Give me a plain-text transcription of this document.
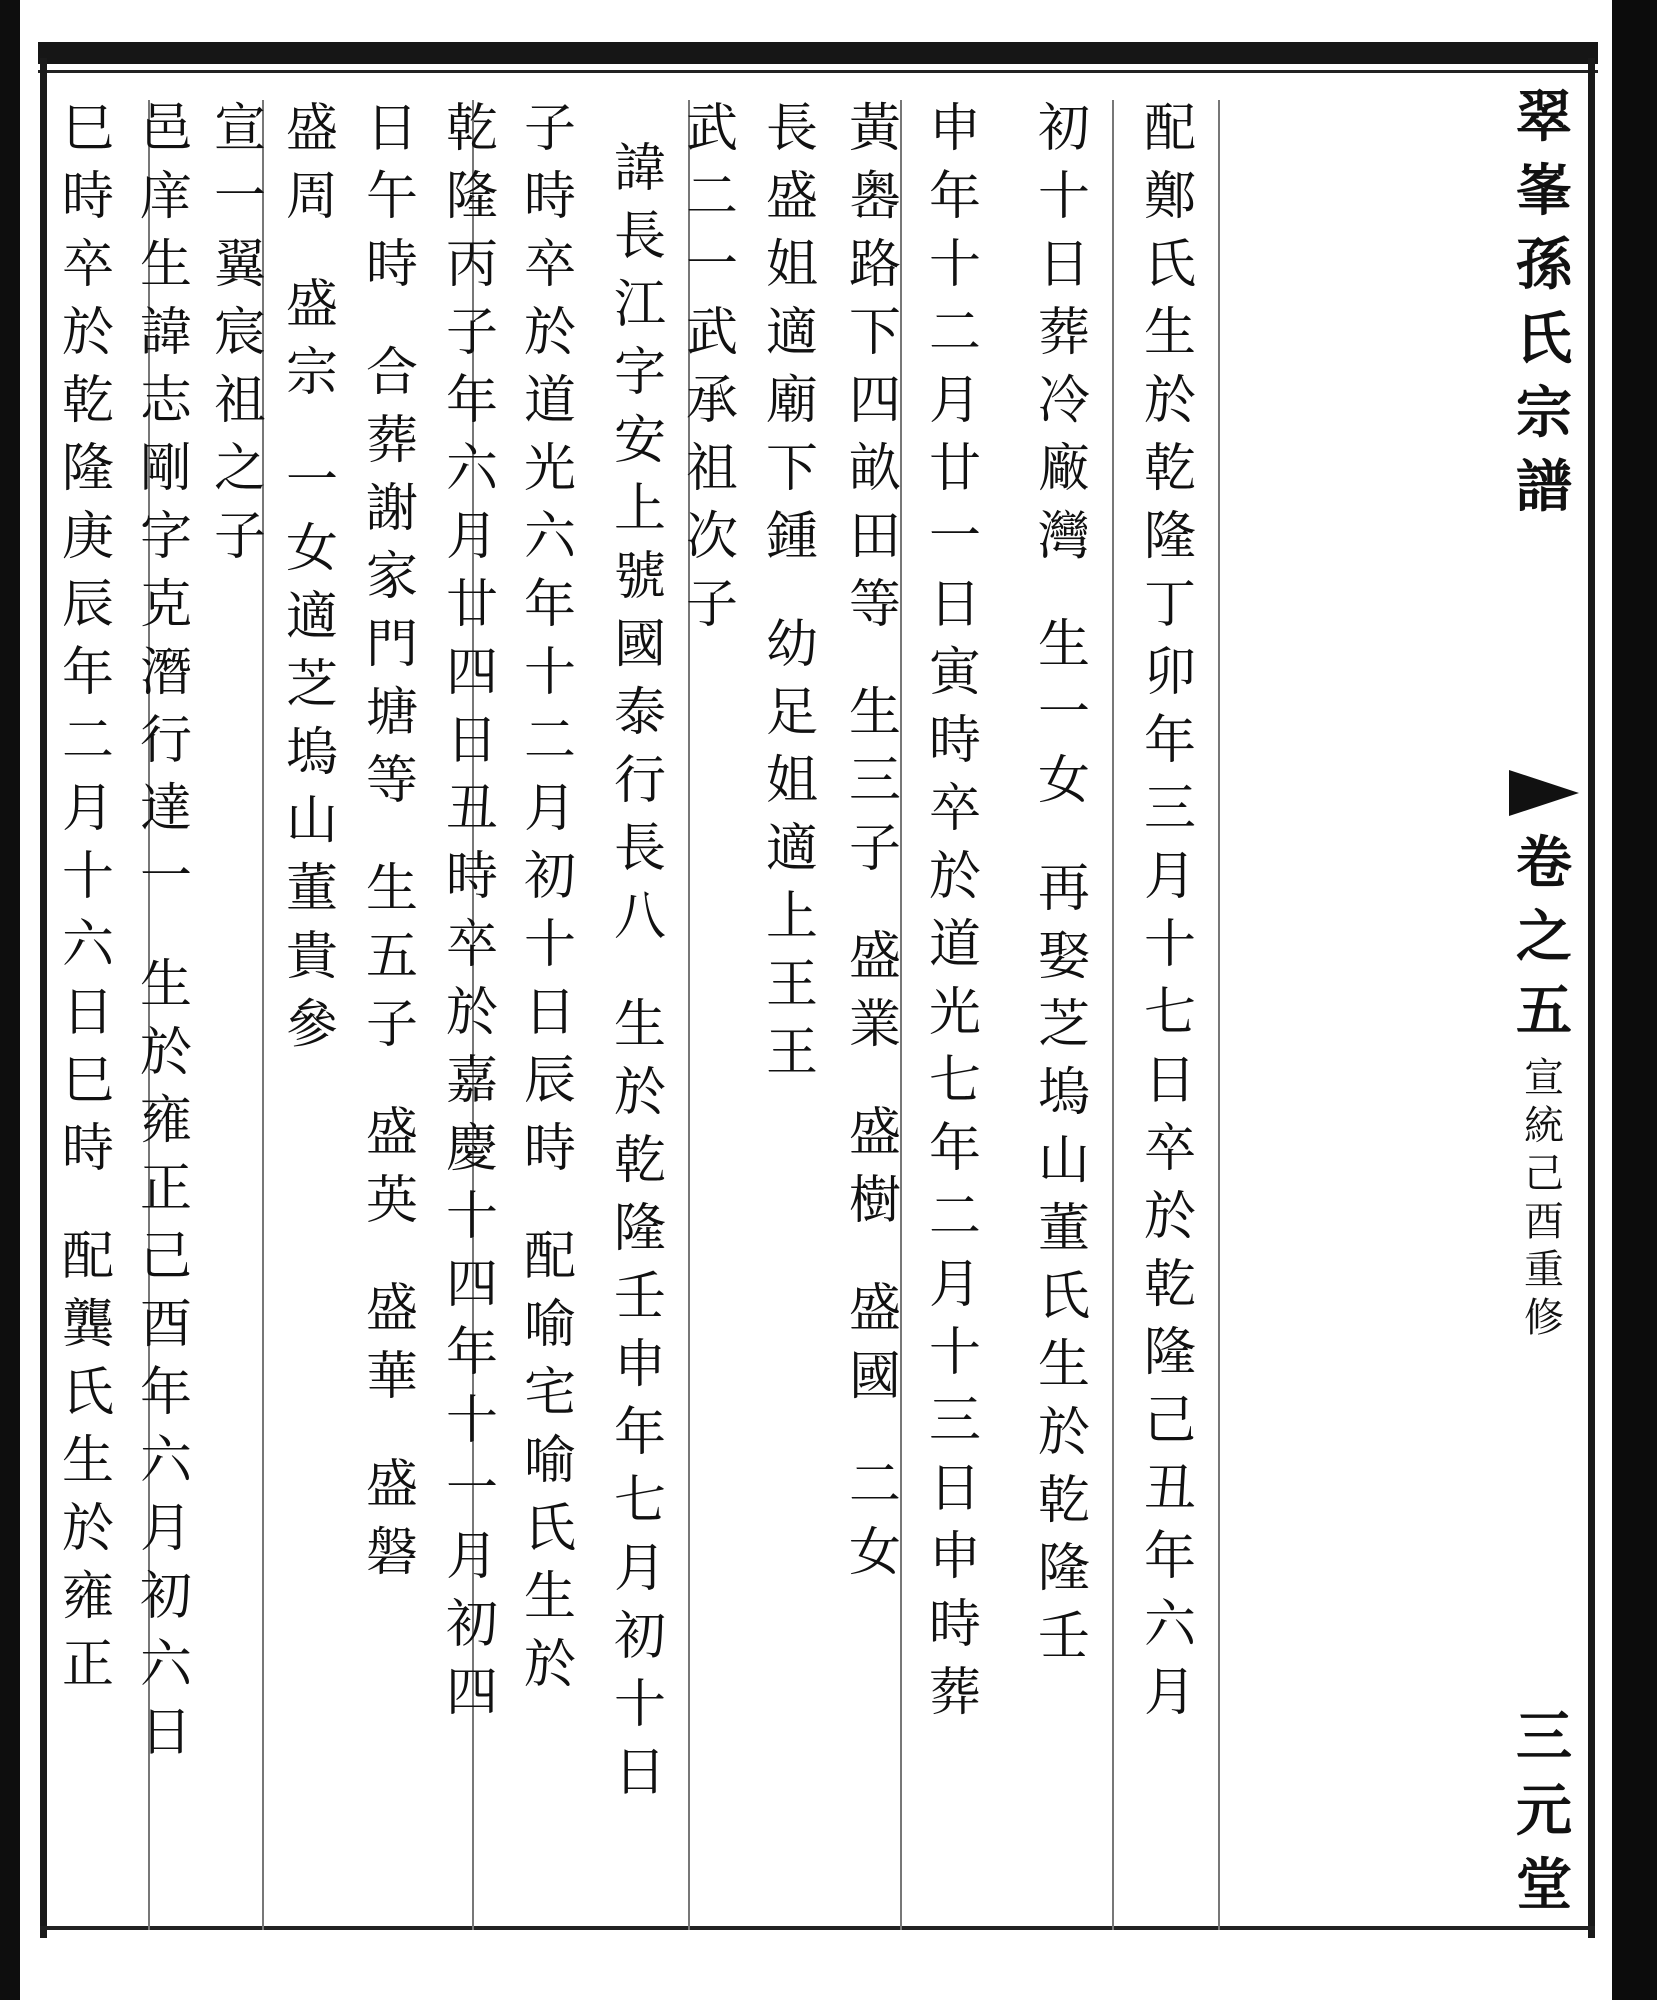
翠
峯
孫
氏
宗
譜
卷
之
五
宣
統
己
酉
重
修
三
元
堂
配
鄭
氏
生
於
乾
隆
丁
卯
年
三
月
十
七
日
卒
於
乾
隆
己
丑
年
六
月
初
十
日
葬
冷
廠
灣
生
一
女
再
娶
芝
塢
山
董
氏
生
於
乾
隆
壬
申
年
十
二
月
廿
一
日
寅
時
卒
於
道
光
七
年
二
月
十
三
日
申
時
葬
黃
嶴
路
下
四
畝
田
等
生
三
子
盛
業
盛
樹
盛
國
二
女
長
盛
姐
適
廟
下
鍾
幼
足
姐
適
上
王
王
武
二
一
武
承
祖
次
子
諱
長
江
字
安
上
號
國
泰
行
長
八
生
於
乾
隆
壬
申
年
七
月
初
十
日
子
時
卒
於
道
光
六
年
十
二
月
初
十
日
辰
時
配
喻
宅
喻
氏
生
於
乾
隆
丙
子
年
六
月
廿
四
日
丑
時
卒
於
嘉
慶
十
四
年
十
一
月
初
四
日
午
時
合
葬
謝
家
門
塘
等
生
五
子
盛
英
盛
華
盛
磐
盛
周
盛
宗
一
女
適
芝
塢
山
董
貴
參
宣
一
翼
宸
祖
之
子
邑
庠
生
諱
志
剛
字
克
潛
行
達
一
生
於
雍
正
己
酉
年
六
月
初
六
日
巳
時
卒
於
乾
隆
庚
辰
年
二
月
十
六
日
巳
時
配
龔
氏
生
於
雍
正
